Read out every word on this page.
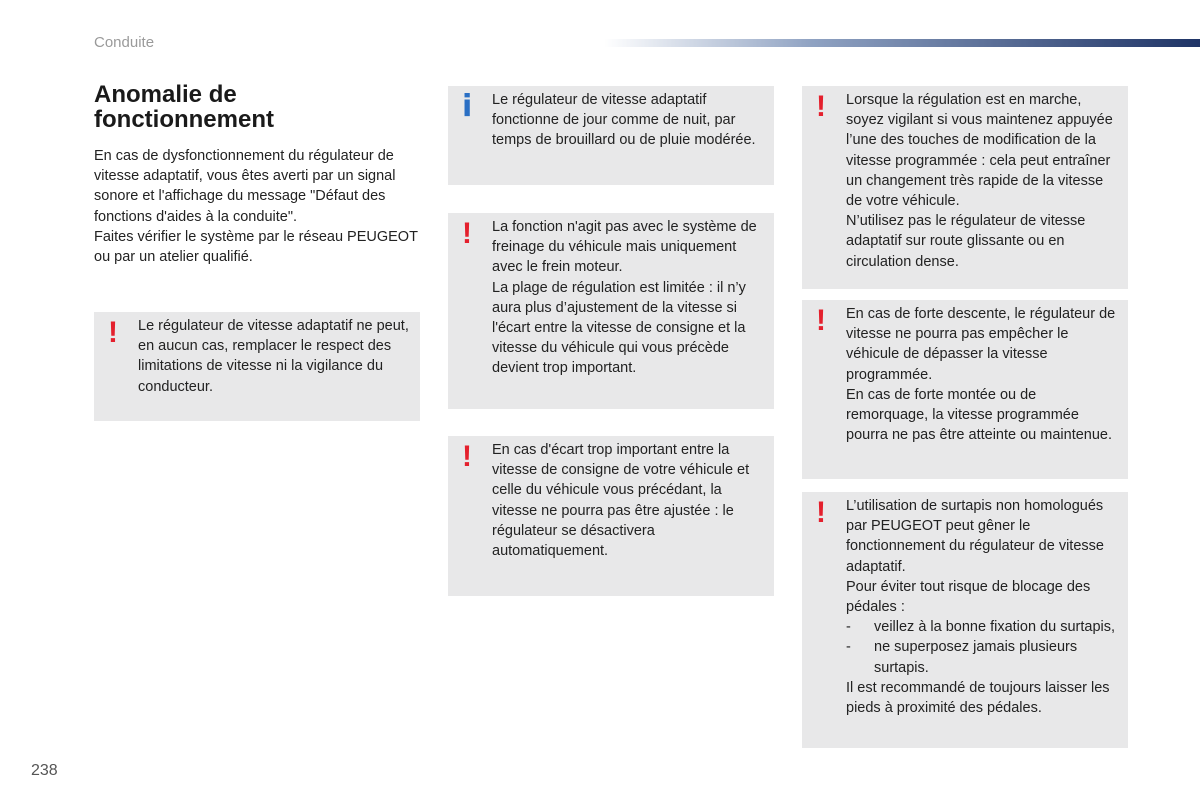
Conduite
Anomalie de
fonctionnement

En cas de dysfonctionnement du régulateur de vitesse adaptatif, vous êtes averti par un signal sonore et l'affichage du message "Défaut des fonctions d'aides à la conduite".

Faites vérifier le système par le réseau PEUGEOT ou par un atelier qualifié.

! Le régulateur de vitesse adaptatif ne peut, en aucun cas, remplacer le respect des limitations de vitesse ni la vigilance du conducteur.

i Le régulateur de vitesse adaptatif fonctionne de jour comme de nuit, par temps de brouillard ou de pluie modérée.

! La fonction n'agit pas avec le système de freinage du véhicule mais uniquement avec le frein moteur.

La plage de régulation est limitée : il n’y aura plus d’ajustement de la vitesse si l'écart entre la vitesse de consigne et la vitesse du véhicule qui vous précède devient trop important.

! En cas d'écart trop important entre la vitesse de consigne de votre véhicule et celle du véhicule vous précédant, la vitesse ne pourra pas être ajustée : le régulateur se désactivera automatiquement.

! Lorsque la régulation est en marche, soyez vigilant si vous maintenez appuyée l’une des touches de modification de la vitesse programmée : cela peut entraîner un changement très rapide de la vitesse de votre véhicule.

N’utilisez pas le régulateur de vitesse adaptatif sur route glissante ou en circulation dense.

! En cas de forte descente, le régulateur de vitesse ne pourra pas empêcher le véhicule de dépasser la vitesse programmée.

En cas de forte montée ou de remorquage, la vitesse programmée pourra ne pas être atteinte ou maintenue.

! L’utilisation de surtapis non homologués par PEUGEOT peut gêner le fonctionnement du régulateur de vitesse adaptatif.

Pour éviter tout risque de blocage des pédales :

- veillez à la bonne fixation du surtapis,
- ne superposez jamais plusieurs surtapis.

Il est recommandé de toujours laisser les pieds à proximité des pédales.

238
